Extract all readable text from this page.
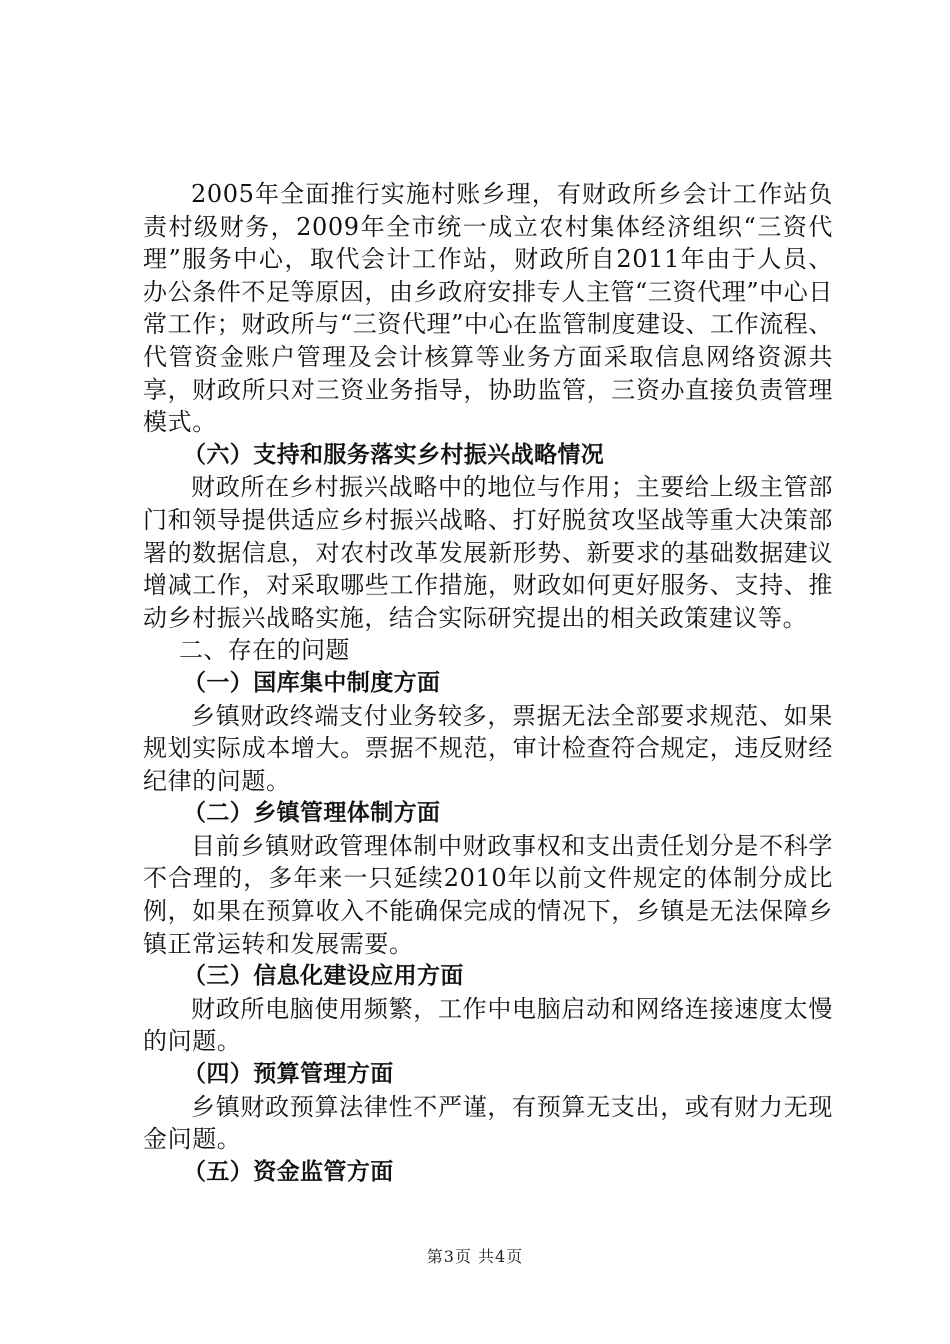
2005年全面推行实施村账乡理，有财政所乡会计工作站负责村级财务，2009年全市统一成立农村集体经济组织“三资代理”服务中心，取代会计工作站，财政所自2011年由于人员、办公条件不足等原因，由乡政府安排专人主管“三资代理”中心日常工作；财政所与“三资代理”中心在监管制度建设、工作流程、代管资金账户管理及会计核算等业务方面采取信息网络资源共享，财政所只对三资业务指导，协助监管，三资办直接负责管理模式。

（六）支持和服务落实乡村振兴战略情况

财政所在乡村振兴战略中的地位与作用；主要给上级主管部门和领导提供适应乡村振兴战略、打好脱贫攻坚战等重大决策部署的数据信息，对农村改革发展新形势、新要求的基础数据建议增减工作，对采取哪些工作措施，财政如何更好服务、支持、推动乡村振兴战略实施，结合实际研究提出的相关政策建议等。

二、存在的问题

（一）国库集中制度方面

乡镇财政终端支付业务较多，票据无法全部要求规范、如果规划实际成本增大。票据不规范，审计检查符合规定，违反财经纪律的问题。

（二）乡镇管理体制方面

目前乡镇财政管理体制中财政事权和支出责任划分是不科学不合理的，多年来一只延续2010年以前文件规定的体制分成比例，如果在预算收入不能确保完成的情况下，乡镇是无法保障乡镇正常运转和发展需要。

（三）信息化建设应用方面

财政所电脑使用频繁，工作中电脑启动和网络连接速度太慢的问题。

（四）预算管理方面

乡镇财政预算法律性不严谨，有预算无支出，或有财力无现金问题。

（五）资金监管方面

第3页 共4页
